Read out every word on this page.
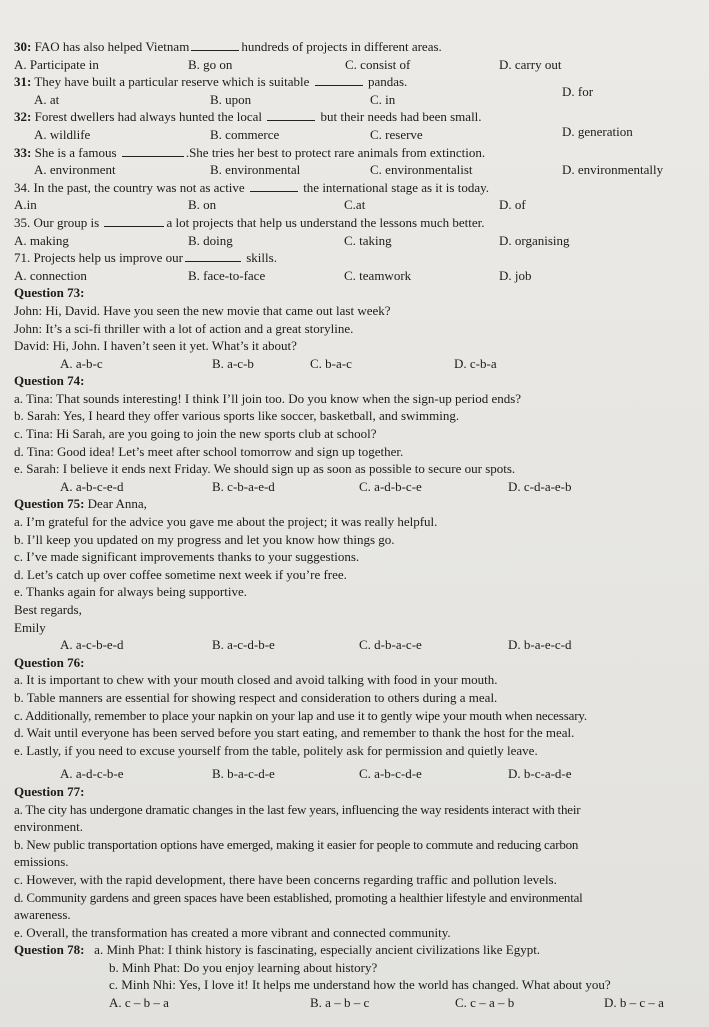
30: FAO has also helped Vietnam	hundreds of projects in different areas.
A. Participate in	B. go on	C. consist of	D. carry out
31: They have built a particular reserve which is suitable	pandas.
A. at	B. upon	C. in
D. for
32: Forest dwellers had always hunted the local	but their needs had been small.
A. wildlife	B. commerce	C. reserve	D. generation
33: She is a famous	.She tries her best to protect rare animals from extinction.
A. environment	B. environmental	C. environmentalist	D. environmentally
34. In the past, the country was not as active	the international stage as it is today.
A.in	B. on	C.at	D. of
35. Our group is	a lot projects that help us understand the lessons much better.
A. making	B. doing	C. taking	D. organising
71. Projects help us improve our	skills.
A. connection	B. face-to-face	C. teamwork	D. job
Question 73:
John: Hi, David. Have you seen the new movie that came out last week?
John: It’s a sci-fi thriller with a lot of action and a great storyline.
David: Hi, John. I haven’t seen it yet. What’s it about?
A. a-b-c	B. a-c-b	C. b-a-c	D. c-b-a
Question 74:
a. Tina: That sounds interesting! I think I’ll join too. Do you know when the sign-up period ends?
b. Sarah: Yes, I heard they offer various sports like soccer, basketball, and swimming.
c. Tina: Hi Sarah, are you going to join the new sports club at school?
d. Tina: Good idea! Let’s meet after school tomorrow and sign up together.
e. Sarah: I believe it ends next Friday. We should sign up as soon as possible to secure our spots.
A. a-b-c-e-d	B. c-b-a-e-d	C. a-d-b-c-e	D. c-d-a-e-b
Question 75: Dear Anna,
a. I’m grateful for the advice you gave me about the project; it was really helpful.
b. I’ll keep you updated on my progress and let you know how things go.
c. I’ve made significant improvements thanks to your suggestions.
d. Let’s catch up over coffee sometime next week if you’re free.
e. Thanks again for always being supportive.
Best regards,
Emily
A. a-c-b-e-d	B. a-c-d-b-e	C. d-b-a-c-e	D. b-a-e-c-d
Question 76:
a. It is important to chew with your mouth closed and avoid talking with food in your mouth.
b. Table manners are essential for showing respect and consideration to others during a meal.
c. Additionally, remember to place your napkin on your lap and use it to gently wipe your mouth when necessary.
d. Wait until everyone has been served before you start eating, and remember to thank the host for the meal.
e. Lastly, if you need to excuse yourself from the table, politely ask for permission and quietly leave.
A. a-d-c-b-e	B. b-a-c-d-e	C. a-b-c-d-e	D. b-c-a-d-e
Question 77:
a. The city has undergone dramatic changes in the last few years, influencing the way residents interact with their
environment.
b. New public transportation options have emerged, making it easier for people to commute and reducing carbon
emissions.
c. However, with the rapid development, there have been concerns regarding traffic and pollution levels.
d. Community gardens and green spaces have been established, promoting a healthier lifestyle and environmental
awareness.
e. Overall, the transformation has created a more vibrant and connected community.
Question 78: a. Minh Phat: I think history is fascinating, especially ancient civilizations like Egypt.
b. Minh Phat: Do you enjoy learning about history?
c. Minh Nhi: Yes, I love it! It helps me understand how the world has changed. What about you?
A. c – b – a	B. a – b – c	C. c – a – b	D. b – c – a
